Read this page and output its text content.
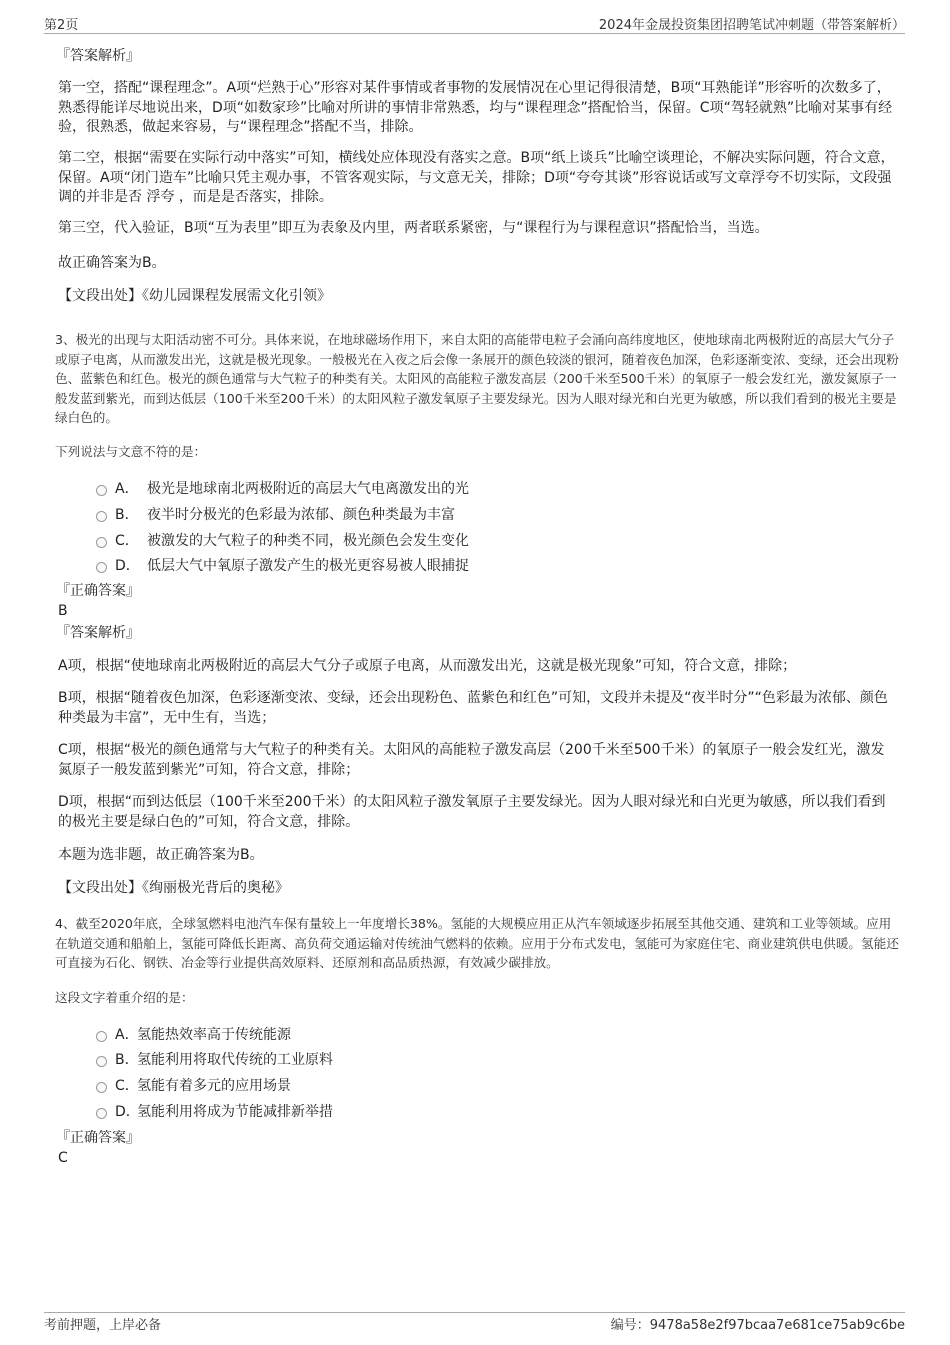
第2页	2024年金晟投资集团招聘笔试冲刺题（带答案解析）
『答案解析』
第一空，搭配“课程理念”。A项“烂熟于心”形容对某件事情或者事物的发展情况在心里记得很清楚，B项“耳熟能详”形容听的次数多了，熟悉得能详尽地说出来，D项“如数家珍”比喻对所讲的事情非常熟悉，均与“课程理念”搭配恰当，保留。C项“驾轻就熟”比喻对某事有经验，很熟悉，做起来容易，与“课程理念”搭配不当，排除。
第二空，根据“需要在实际行动中落实”可知，横线处应体现没有落实之意。B项“纸上谈兵”比喻空谈理论，不解决实际问题，符合文意，保留。A项“闭门造车”比喻只凭主观办事，不管客观实际，与文意无关，排除；D项“夸夸其谈”形容说话或写文章浮夸不切实际，文段强调的并非是否 浮夸 ，而是是否落实，排除。
第三空，代入验证，B项“互为表里”即互为表象及内里，两者联系紧密，与“课程行为与课程意识”搭配恰当，当选。
故正确答案为B。
【文段出处】《幼儿园课程发展需文化引领》
3、极光的出现与太阳活动密不可分。具体来说，在地球磁场作用下，来自太阳的高能带电粒子会涌向高纬度地区，使地球南北两极附近的高层大气分子或原子电离，从而激发出光，这就是极光现象。一般极光在入夜之后会像一条展开的颜色较淡的银河，随着夜色加深，色彩逐渐变浓、变绿，还会出现粉色、蓝紫色和红色。极光的颜色通常与大气粒子的种类有关。太阳风的高能粒子激发高层（200千米至500千米）的氧原子一般会发红光，激发氮原子一般发蓝到紫光，而到达低层（100千米至200千米）的太阳风粒子激发氧原子主要发绿光。因为人眼对绿光和白光更为敏感，所以我们看到的极光主要是绿白色的。
下列说法与文意不符的是：
A． 极光是地球南北两极附近的高层大气电离激发出的光
B． 夜半时分极光的色彩最为浓郁、颜色种类最为丰富
C． 被激发的大气粒子的种类不同，极光颜色会发生变化
D． 低层大气中氧原子激发产生的极光更容易被人眼捕捉
『正确答案』
B
『答案解析』
A项，根据“使地球南北两极附近的高层大气分子或原子电离，从而激发出光，这就是极光现象”可知，符合文意，排除；
B项，根据“随着夜色加深，色彩逐渐变浓、变绿，还会出现粉色、蓝紫色和红色”可知，文段并未提及“夜半时分”“色彩最为浓郁、颜色种类最为丰富”，无中生有，当选；
C项，根据“极光的颜色通常与大气粒子的种类有关。太阳风的高能粒子激发高层（200千米至500千米）的氧原子一般会发红光，激发氮原子一般发蓝到紫光”可知，符合文意，排除；
D项，根据“而到达低层（100千米至200千米）的太阳风粒子激发氧原子主要发绿光。因为人眼对绿光和白光更为敏感，所以我们看到的极光主要是绿白色的”可知，符合文意，排除。
本题为选非题，故正确答案为B。
【文段出处】《绚丽极光背后的奥秘》
4、截至2020年底，全球氢燃料电池汽车保有量较上一年度增长38%。氢能的大规模应用正从汽车领域逐步拓展至其他交通、建筑和工业等领域。应用在轨道交通和船舶上，氢能可降低长距离、高负荷交通运输对传统油气燃料的依赖。应用于分布式发电，氢能可为家庭住宅、商业建筑供电供暖。氢能还可直接为石化、钢铁、冶金等行业提供高效原料、还原剂和高品质热源，有效减少碳排放。
这段文字着重介绍的是：
A．
氢能热效率高于传统能源
B．
氢能利用将取代传统的工业原料
C．
氢能有着多元的应用场景
D．
氢能利用将成为节能减排新举措
『正确答案』
C
考前押题，上岸必备	编号：9478a58e2f97bcaa7e681ce75ab9c6be
